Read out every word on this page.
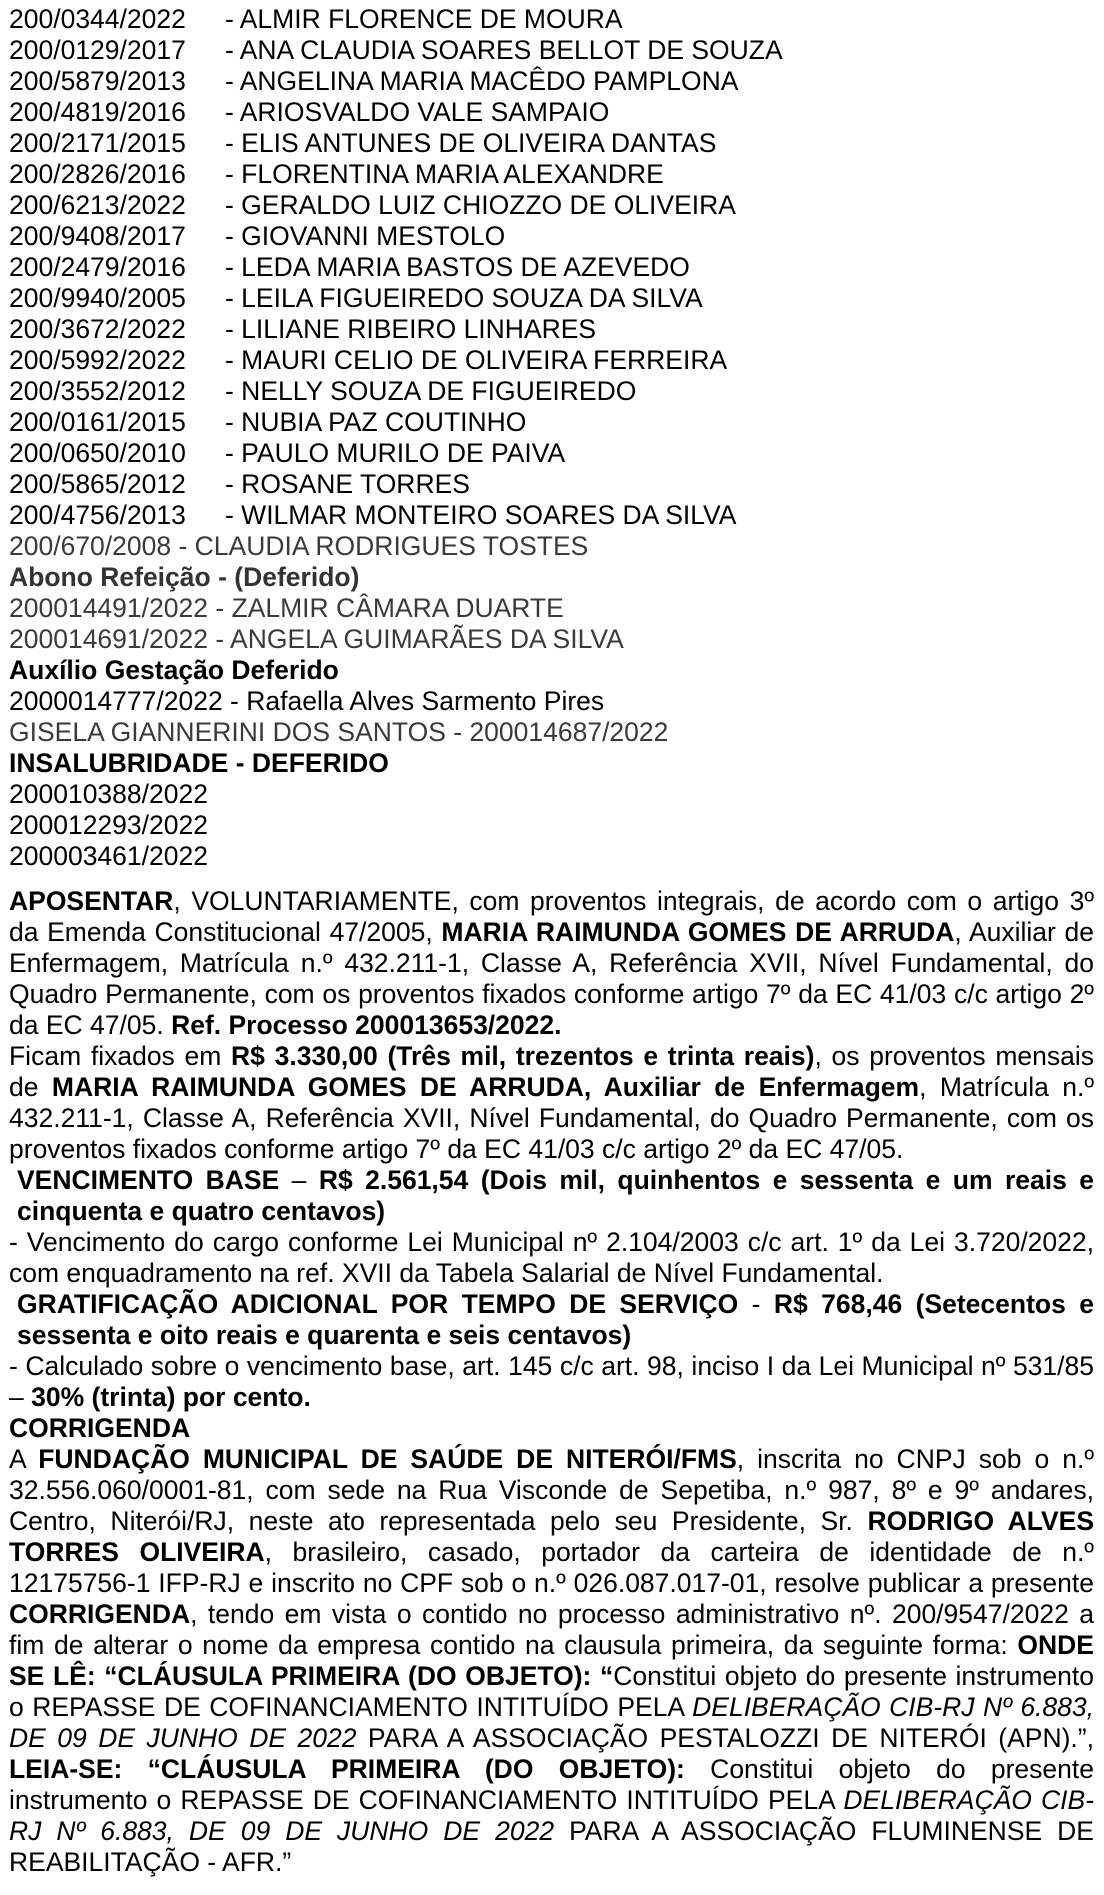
200/0344/2022	- ALMIR FLORENCE DE MOURA
200/0129/2017	- ANA CLAUDIA SOARES BELLOT DE SOUZA
200/5879/2013	- ANGELINA MARIA MACÊDO PAMPLONA
200/4819/2016	- ARIOSVALDO VALE SAMPAIO
200/2171/2015	- ELIS ANTUNES DE OLIVEIRA DANTAS
200/2826/2016	- FLORENTINA MARIA ALEXANDRE
200/6213/2022	- GERALDO LUIZ CHIOZZO DE OLIVEIRA
200/9408/2017	- GIOVANNI MESTOLO
200/2479/2016	- LEDA MARIA BASTOS DE AZEVEDO
200/9940/2005	- LEILA FIGUEIREDO SOUZA DA SILVA
200/3672/2022	- LILIANE RIBEIRO LINHARES
200/5992/2022	- MAURI CELIO DE OLIVEIRA FERREIRA
200/3552/2012	- NELLY SOUZA DE FIGUEIREDO
200/0161/2015	- NUBIA PAZ COUTINHO
200/0650/2010	- PAULO MURILO DE PAIVA
200/5865/2012	- ROSANE TORRES
200/4756/2013	- WILMAR MONTEIRO SOARES DA SILVA
200/670/2008 - CLAUDIA RODRIGUES TOSTES
Abono Refeição - (Deferido)
200014491/2022 - ZALMIR CÂMARA DUARTE
200014691/2022 - ANGELA GUIMARÃES DA SILVA
Auxílio Gestação Deferido
2000014777/2022 - Rafaella Alves Sarmento Pires
GISELA GIANNERINI DOS SANTOS - 200014687/2022
INSALUBRIDADE - DEFERIDO
200010388/2022
200012293/2022
200003461/2022

APOSENTAR, VOLUNTARIAMENTE, com proventos integrais, de acordo com o artigo 3º da Emenda Constitucional 47/2005, MARIA RAIMUNDA GOMES DE ARRUDA, Auxiliar de Enfermagem, Matrícula n.º 432.211-1, Classe A, Referência XVII, Nível Fundamental, do Quadro Permanente, com os proventos fixados conforme artigo 7º da EC 41/03 c/c artigo 2º da EC 47/05. Ref. Processo 200013653/2022.

Ficam fixados em R$ 3.330,00 (Três mil, trezentos e trinta reais), os proventos mensais de MARIA RAIMUNDA GOMES DE ARRUDA, Auxiliar de Enfermagem, Matrícula n.º 432.211-1, Classe A, Referência XVII, Nível Fundamental, do Quadro Permanente, com os proventos fixados conforme artigo 7º da EC 41/03 c/c artigo 2º da EC 47/05.

VENCIMENTO BASE – R$ 2.561,54 (Dois mil, quinhentos e sessenta e um reais e cinquenta e quatro centavos)

- Vencimento do cargo conforme Lei Municipal nº 2.104/2003 c/c art. 1º da Lei 3.720/2022, com enquadramento na ref. XVII da Tabela Salarial de Nível Fundamental.

GRATIFICAÇÃO ADICIONAL POR TEMPO DE SERVIÇO - R$ 768,46 (Setecentos e sessenta e oito reais e quarenta e seis centavos)

- Calculado sobre o vencimento base, art. 145 c/c art. 98, inciso I da Lei Municipal nº 531/85 – 30% (trinta) por cento.

CORRIGENDA

A FUNDAÇÃO MUNICIPAL DE SAÚDE DE NITERÓI/FMS, inscrita no CNPJ sob o n.º 32.556.060/0001-81, com sede na Rua Visconde de Sepetiba, n.º 987, 8º e 9º andares, Centro, Niterói/RJ, neste ato representada pelo seu Presidente, Sr. RODRIGO ALVES TORRES OLIVEIRA, brasileiro, casado, portador da carteira de identidade de n.º 12175756-1 IFP-RJ e inscrito no CPF sob o n.º 026.087.017-01, resolve publicar a presente CORRIGENDA, tendo em vista o contido no processo administrativo nº. 200/9547/2022 a fim de alterar o nome da empresa contido na clausula primeira, da seguinte forma: ONDE SE LÊ: “CLÁUSULA PRIMEIRA (DO OBJETO): “Constitui objeto do presente instrumento o REPASSE DE COFINANCIAMENTO INTITUÍDO PELA DELIBERAÇÃO CIB-RJ Nº 6.883, DE 09 DE JUNHO DE 2022 PARA A ASSOCIAÇÃO PESTALOZZI DE NITERÓI (APN).”, LEIA-SE: “CLÁUSULA PRIMEIRA (DO OBJETO): Constitui objeto do presente instrumento o REPASSE DE COFINANCIAMENTO INTITUÍDO PELA DELIBERAÇÃO CIB-RJ Nº 6.883, DE 09 DE JUNHO DE 2022 PARA A ASSOCIAÇÃO FLUMINENSE DE REABILITAÇÃO - AFR.”
